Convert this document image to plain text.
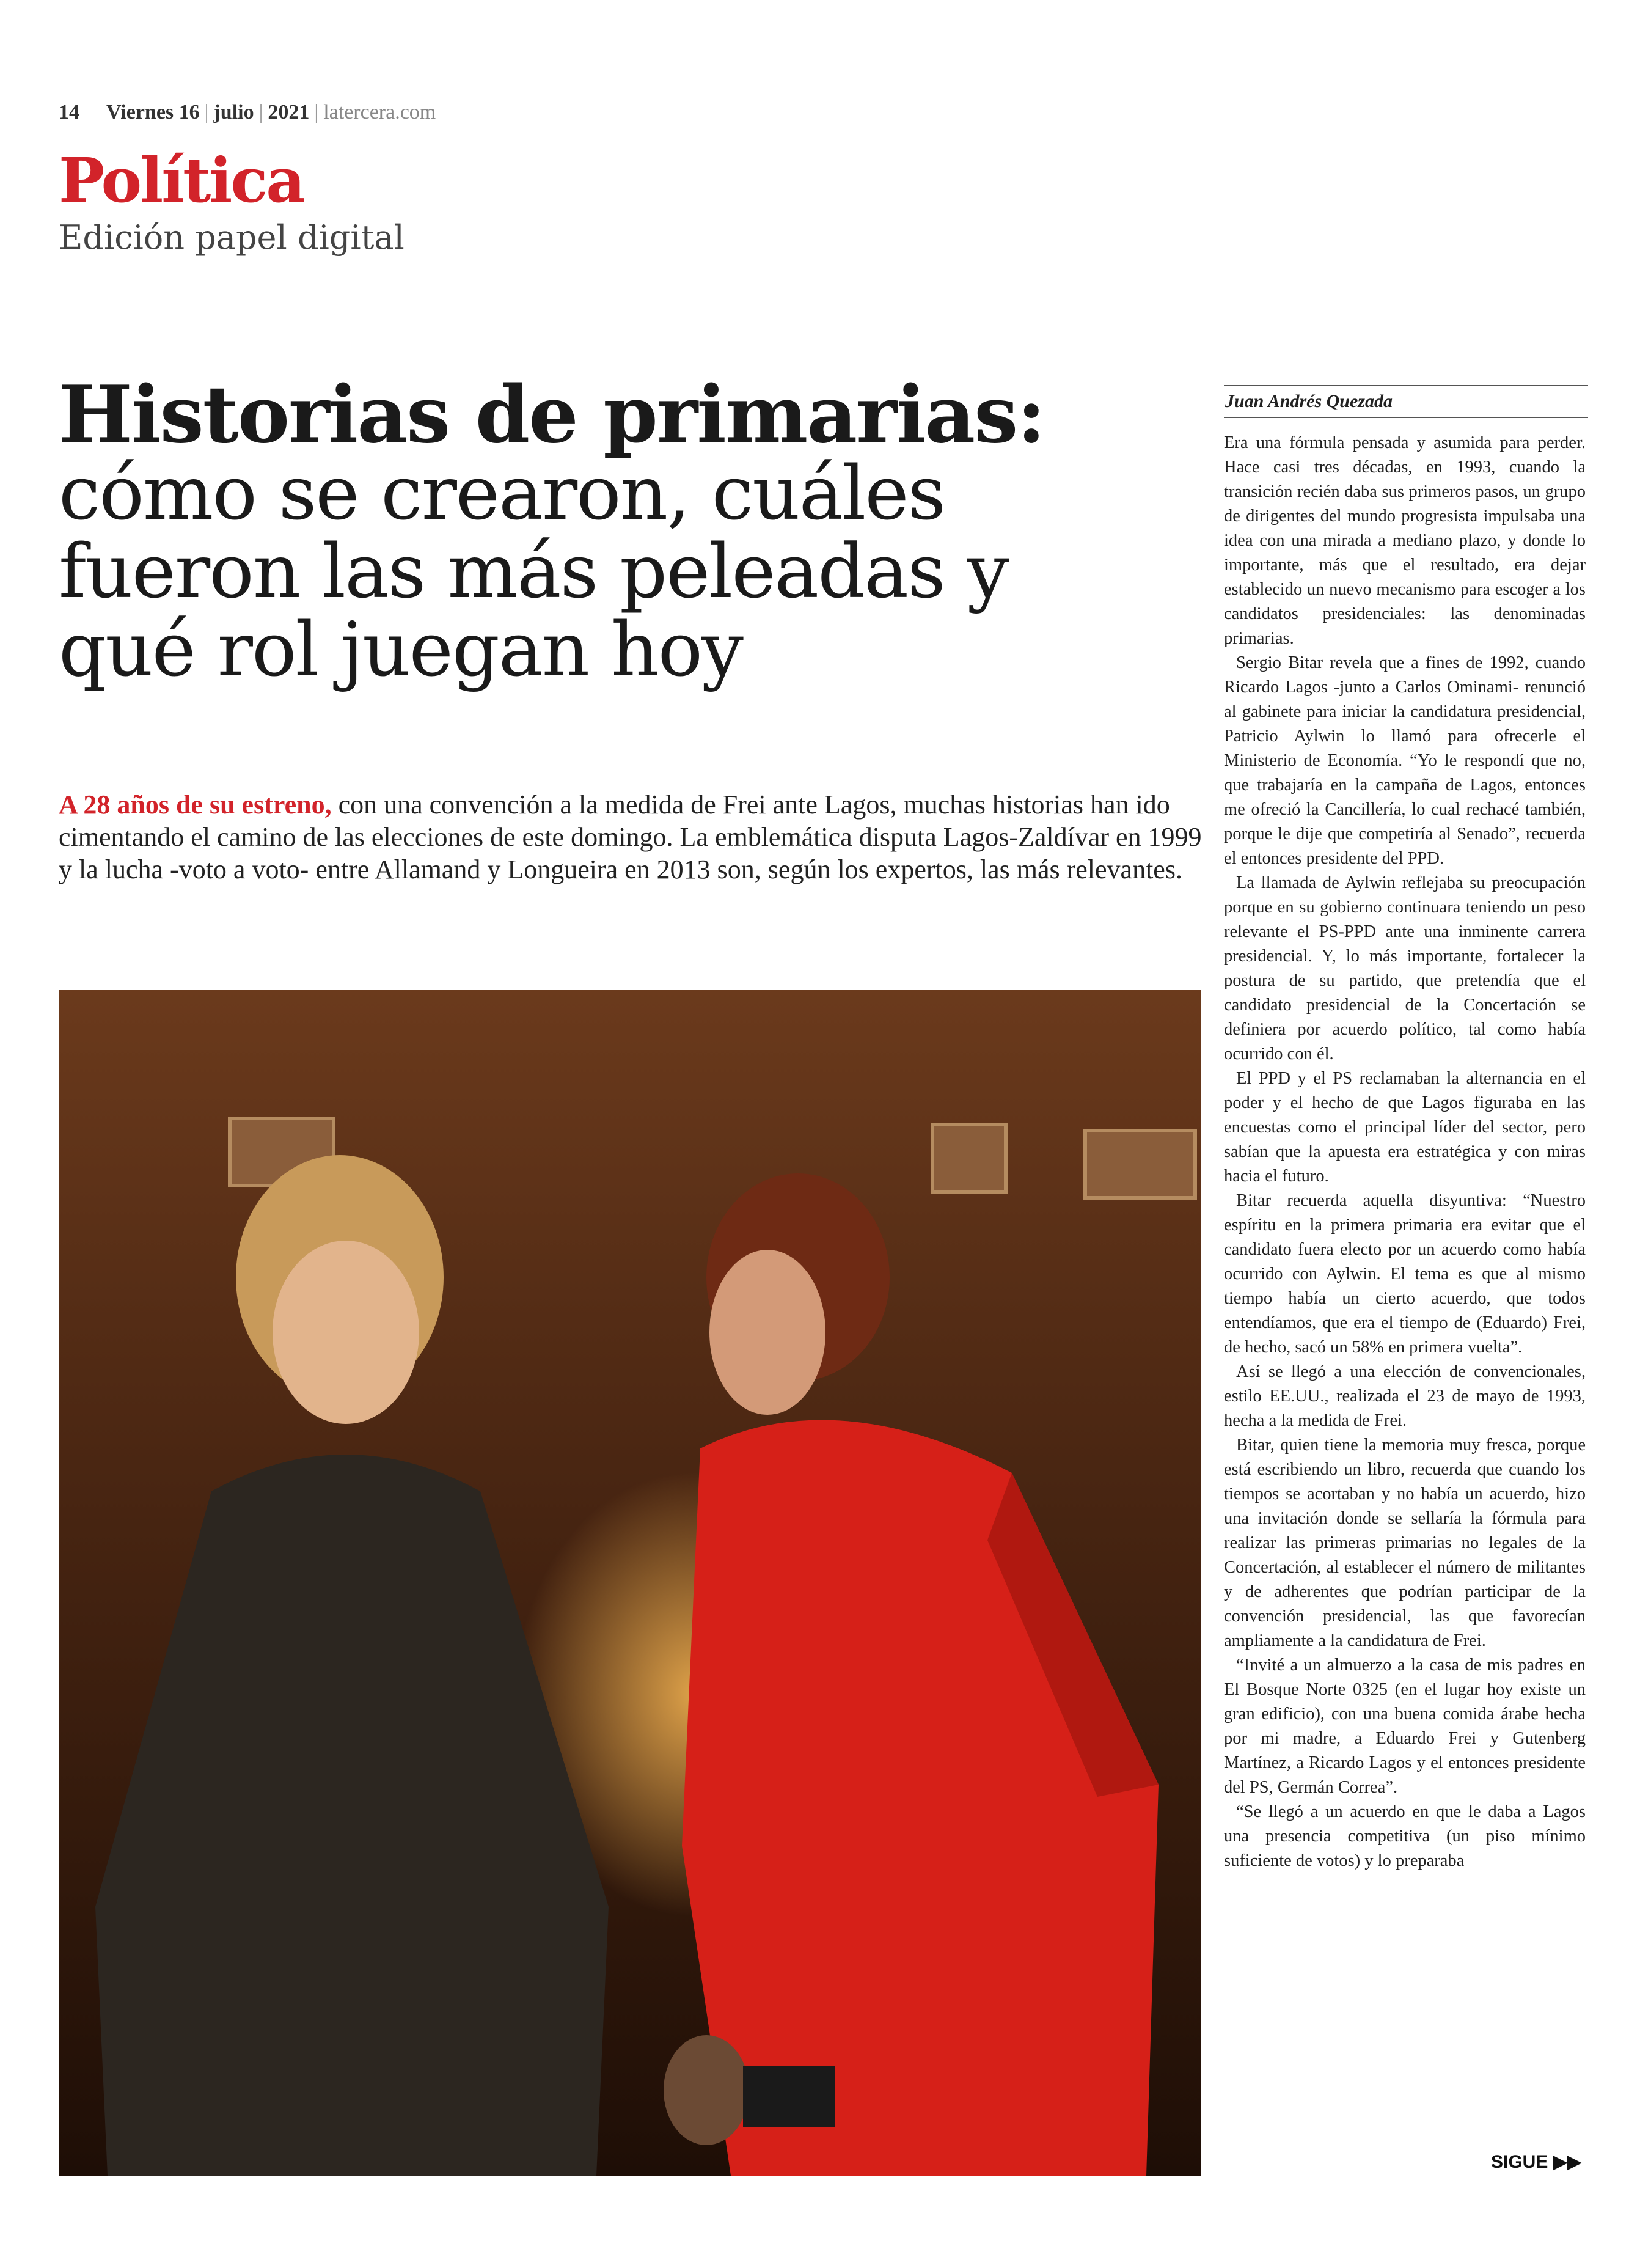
14 Viernes 16 | julio | 2021 | latercera.com
Política
Edición papel digital
Historias de primarias:
cómo se crearon, cuáles
fueron las más peleadas y
qué rol juegan hoy
A 28 años de su estreno, con una convención a la medida de Frei ante Lagos, muchas historias han ido cimentando el camino de las elecciones de este domingo. La emblemática disputa Lagos-Zaldívar en 1999 y la lucha -voto a voto- entre Allamand y Longueira en 2013 son, según los expertos, las más relevantes.
Juan Andrés Quezada

Era una fórmula pensada y asumida para perder. Hace casi tres décadas, en 1993, cuando la transición recién daba sus primeros pasos, un grupo de dirigentes del mundo progresista impulsaba una idea con una mirada a mediano plazo, y donde lo importante, más que el resultado, era dejar establecido un nuevo mecanismo para escoger a los candidatos presidenciales: las denominadas primarias.

Sergio Bitar revela que a fines de 1992, cuando Ricardo Lagos -junto a Carlos Ominami- renunció al gabinete para iniciar la candidatura presidencial, Patricio Aylwin lo llamó para ofrecerle el Ministerio de Economía. “Yo le respondí que no, que trabajaría en la campaña de Lagos, entonces me ofreció la Cancillería, lo cual rechacé también, porque le dije que competiría al Senado”, recuerda el entonces presidente del PPD.

La llamada de Aylwin reflejaba su preocupación porque en su gobierno continuara teniendo un peso relevante el PS-PPD ante una inminente carrera presidencial. Y, lo más importante, fortalecer la postura de su partido, que pretendía que el candidato presidencial de la Concertación se definiera por acuerdo político, tal como había ocurrido con él.

El PPD y el PS reclamaban la alternancia en el poder y el hecho de que Lagos figuraba en las encuestas como el principal líder del sector, pero sabían que la apuesta era estratégica y con miras hacia el futuro.

Bitar recuerda aquella disyuntiva: “Nuestro espíritu en la primera primaria era evitar que el candidato fuera electo por un acuerdo como había ocurrido con Aylwin. El tema es que al mismo tiempo había un cierto acuerdo, que todos entendíamos, que era el tiempo de (Eduardo) Frei, de hecho, sacó un 58% en primera vuelta”.

Así se llegó a una elección de convencionales, estilo EE.UU., realizada el 23 de mayo de 1993, hecha a la medida de Frei.

Bitar, quien tiene la memoria muy fresca, porque está escribiendo un libro, recuerda que cuando los tiempos se acortaban y no había un acuerdo, hizo una invitación donde se sellaría la fórmula para realizar las primeras primarias no legales de la Concertación, al establecer el número de militantes y de adherentes que podrían participar de la convención presidencial, las que favorecían ampliamente a la candidatura de Frei.

“Invité a un almuerzo a la casa de mis padres en El Bosque Norte 0325 (en el lugar hoy existe un gran edificio), con una buena comida árabe hecha por mi madre, a Eduardo Frei y Gutenberg Martínez, a Ricardo Lagos y el entonces presidente del PS, Germán Correa”.

“Se llegó a un acuerdo en que le daba a Lagos una presencia competitiva (un piso mínimo suficiente de votos) y lo preparaba

SIGUE ▶▶
